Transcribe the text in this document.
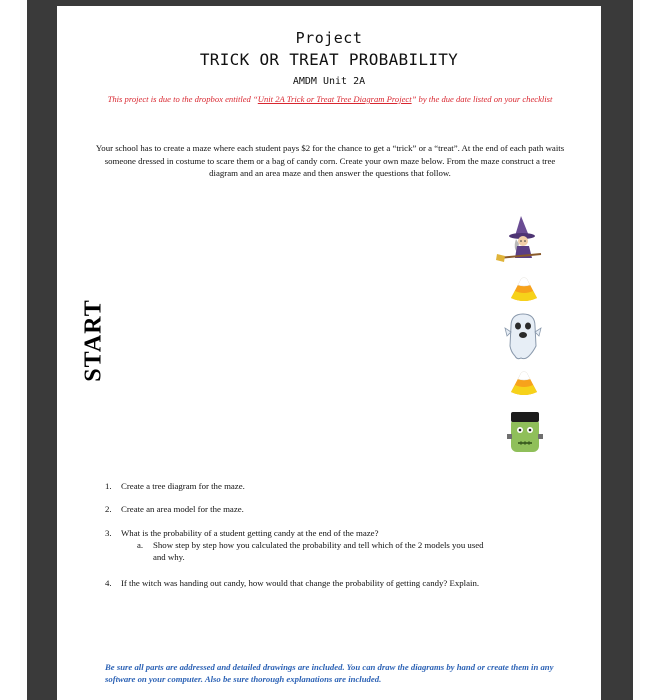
Project
TRICK OR TREAT PROBABILITY
AMDM Unit 2A
This project is due to the dropbox entitled “Unit 2A Trick or Treat Tree Diagram Project” by the due date listed on your checklist
Your school has to create a maze where each student pays $2 for the chance to get a “trick” or a “treat”. At the end of each path waits someone dressed in costume to scare them or a bag of candy corn. Create your own maze below. From the maze construct a tree diagram and an area maze and then answer the questions that follow.
START
1. Create a tree diagram for the maze.
2. Create an area model for the maze.
3. What is the probability of a student getting candy at the end of the maze?
a. Show step by step how you calculated the probability and tell which of the 2 models you used
and why.
4. If the witch was handing out candy, how would that change the probability of getting candy? Explain.
Be sure all parts are addressed and detailed drawings are included. You can draw the diagrams by hand or create them in any software on your computer. Also be sure thorough explanations are included.
